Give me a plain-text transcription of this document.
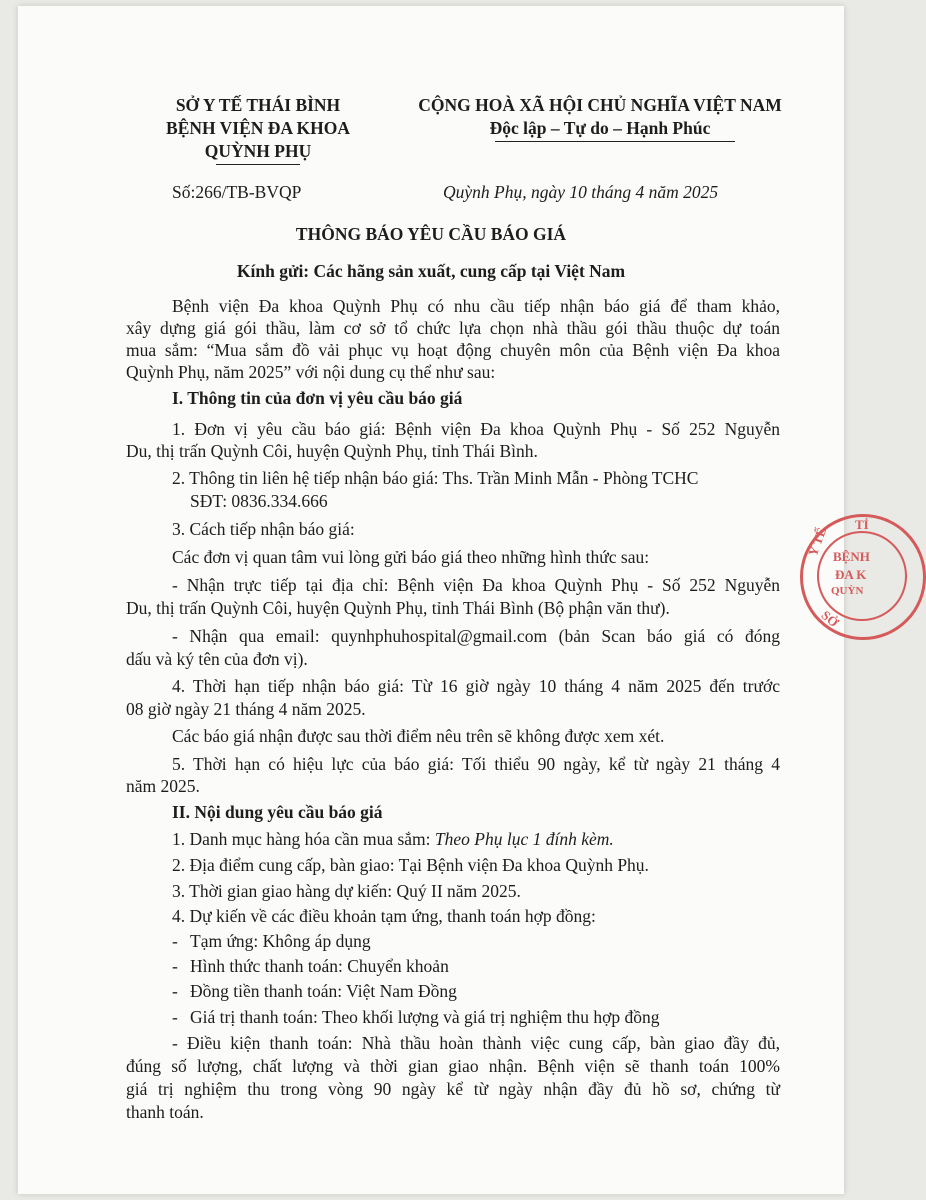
SỞ Y TẾ THÁI BÌNH
BỆNH VIỆN ĐA KHOA
QUỲNH PHỤ
Số:266/TB-BVQP
CỘNG HOÀ XÃ HỘI CHỦ NGHĨA VIỆT NAM
Độc lập – Tự do – Hạnh Phúc
Quỳnh Phụ, ngày 10 tháng 4 năm 2025
THÔNG BÁO YÊU CẦU BÁO GIÁ
Kính gửi: Các hãng sản xuất, cung cấp tại Việt Nam
Bệnh viện Đa khoa Quỳnh Phụ có nhu cầu tiếp nhận báo giá để tham khảo,
xây dựng giá gói thầu, làm cơ sở tổ chức lựa chọn nhà thầu gói thầu thuộc dự toán
mua sắm: “Mua sắm đồ vải phục vụ hoạt động chuyên môn của Bệnh viện Đa khoa
Quỳnh Phụ, năm 2025” với nội dung cụ thể như sau:
I. Thông tin của đơn vị yêu cầu báo giá
1. Đơn vị yêu cầu báo giá: Bệnh viện Đa khoa Quỳnh Phụ - Số 252 Nguyễn
Du, thị trấn Quỳnh Côi, huyện Quỳnh Phụ, tỉnh Thái Bình.
2. Thông tin liên hệ tiếp nhận báo giá: Ths. Trần Minh Mẫn - Phòng TCHC
SĐT: 0836.334.666
3. Cách tiếp nhận báo giá:
Các đơn vị quan tâm vui lòng gửi báo giá theo những hình thức sau:
- Nhận trực tiếp tại địa chỉ: Bệnh viện Đa khoa Quỳnh Phụ - Số 252 Nguyễn
Du, thị trấn Quỳnh Côi, huyện Quỳnh Phụ, tỉnh Thái Bình (Bộ phận văn thư).
- Nhận qua email: quynhphuhospital@gmail.com (bản Scan báo giá có đóng
dấu và ký tên của đơn vị).
4. Thời hạn tiếp nhận báo giá: Từ 16 giờ ngày 10 tháng 4 năm 2025 đến trước
08 giờ ngày 21 tháng 4 năm 2025.
Các báo giá nhận được sau thời điểm nêu trên sẽ không được xem xét.
5. Thời hạn có hiệu lực của báo giá: Tối thiểu 90 ngày, kể từ ngày 21 tháng 4
năm 2025.
II. Nội dung yêu cầu báo giá
1. Danh mục hàng hóa cần mua sắm: Theo Phụ lục 1 đính kèm.
2. Địa điểm cung cấp, bàn giao: Tại Bệnh viện Đa khoa Quỳnh Phụ.
3. Thời gian giao hàng dự kiến: Quý II năm 2025.
4. Dự kiến về các điều khoản tạm ứng, thanh toán hợp đồng:
- Tạm ứng: Không áp dụng
- Hình thức thanh toán: Chuyển khoản
- Đồng tiền thanh toán: Việt Nam Đồng
- Giá trị thanh toán: Theo khối lượng và giá trị nghiệm thu hợp đồng
- Điều kiện thanh toán: Nhà thầu hoàn thành việc cung cấp, bàn giao đầy đủ,
đúng số lượng, chất lượng và thời gian giao nhận. Bệnh viện sẽ thanh toán 100%
giá trị nghiệm thu trong vòng 90 ngày kể từ ngày nhận đầy đủ hồ sơ, chứng từ
thanh toán.
TỈ
Y TẾ
SỞ
BỆNH
ĐA K
QUỲN
